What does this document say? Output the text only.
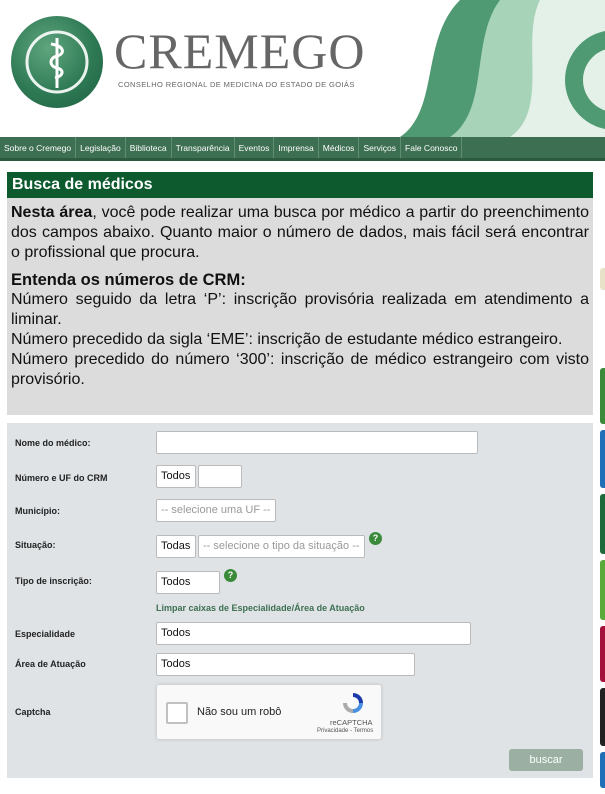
CREMEGO
CONSELHO REGIONAL DE MEDICINA DO ESTADO DE GOIÁS
Sobre o Cremego	Legislação	Biblioteca	Transparência	Eventos	Imprensa	Médicos	Serviços	Fale Conosco
Busca de médicos

Nesta área, você pode realizar uma busca por médico a partir do preenchimento dos campos abaixo. Quanto maior o número de dados, mais fácil será encontrar o profissional que procura.

Entenda os números de CRM:

Número seguido da letra ‘P’: inscrição provisória realizada em atendimento a liminar.

Número precedido da sigla ‘EME’: inscrição de estudante médico estrangeiro.

Número precedido do número ‘300’: inscrição de médico estrangeiro com visto provisório.

Nome do médico:
Número e UF do CRM	Todos
Município:	-- selecione uma UF --
Situação:	Todas	-- selecione o tipo da situação --
?
Tipo de inscrição:	Todos
?
Limpar caixas de Especialidade/Área de Atuação
Especialidade	Todos
Área de Atuação	Todos
Captcha	Não sou um robô
reCAPTCHA
Privacidade - Termos
buscar
